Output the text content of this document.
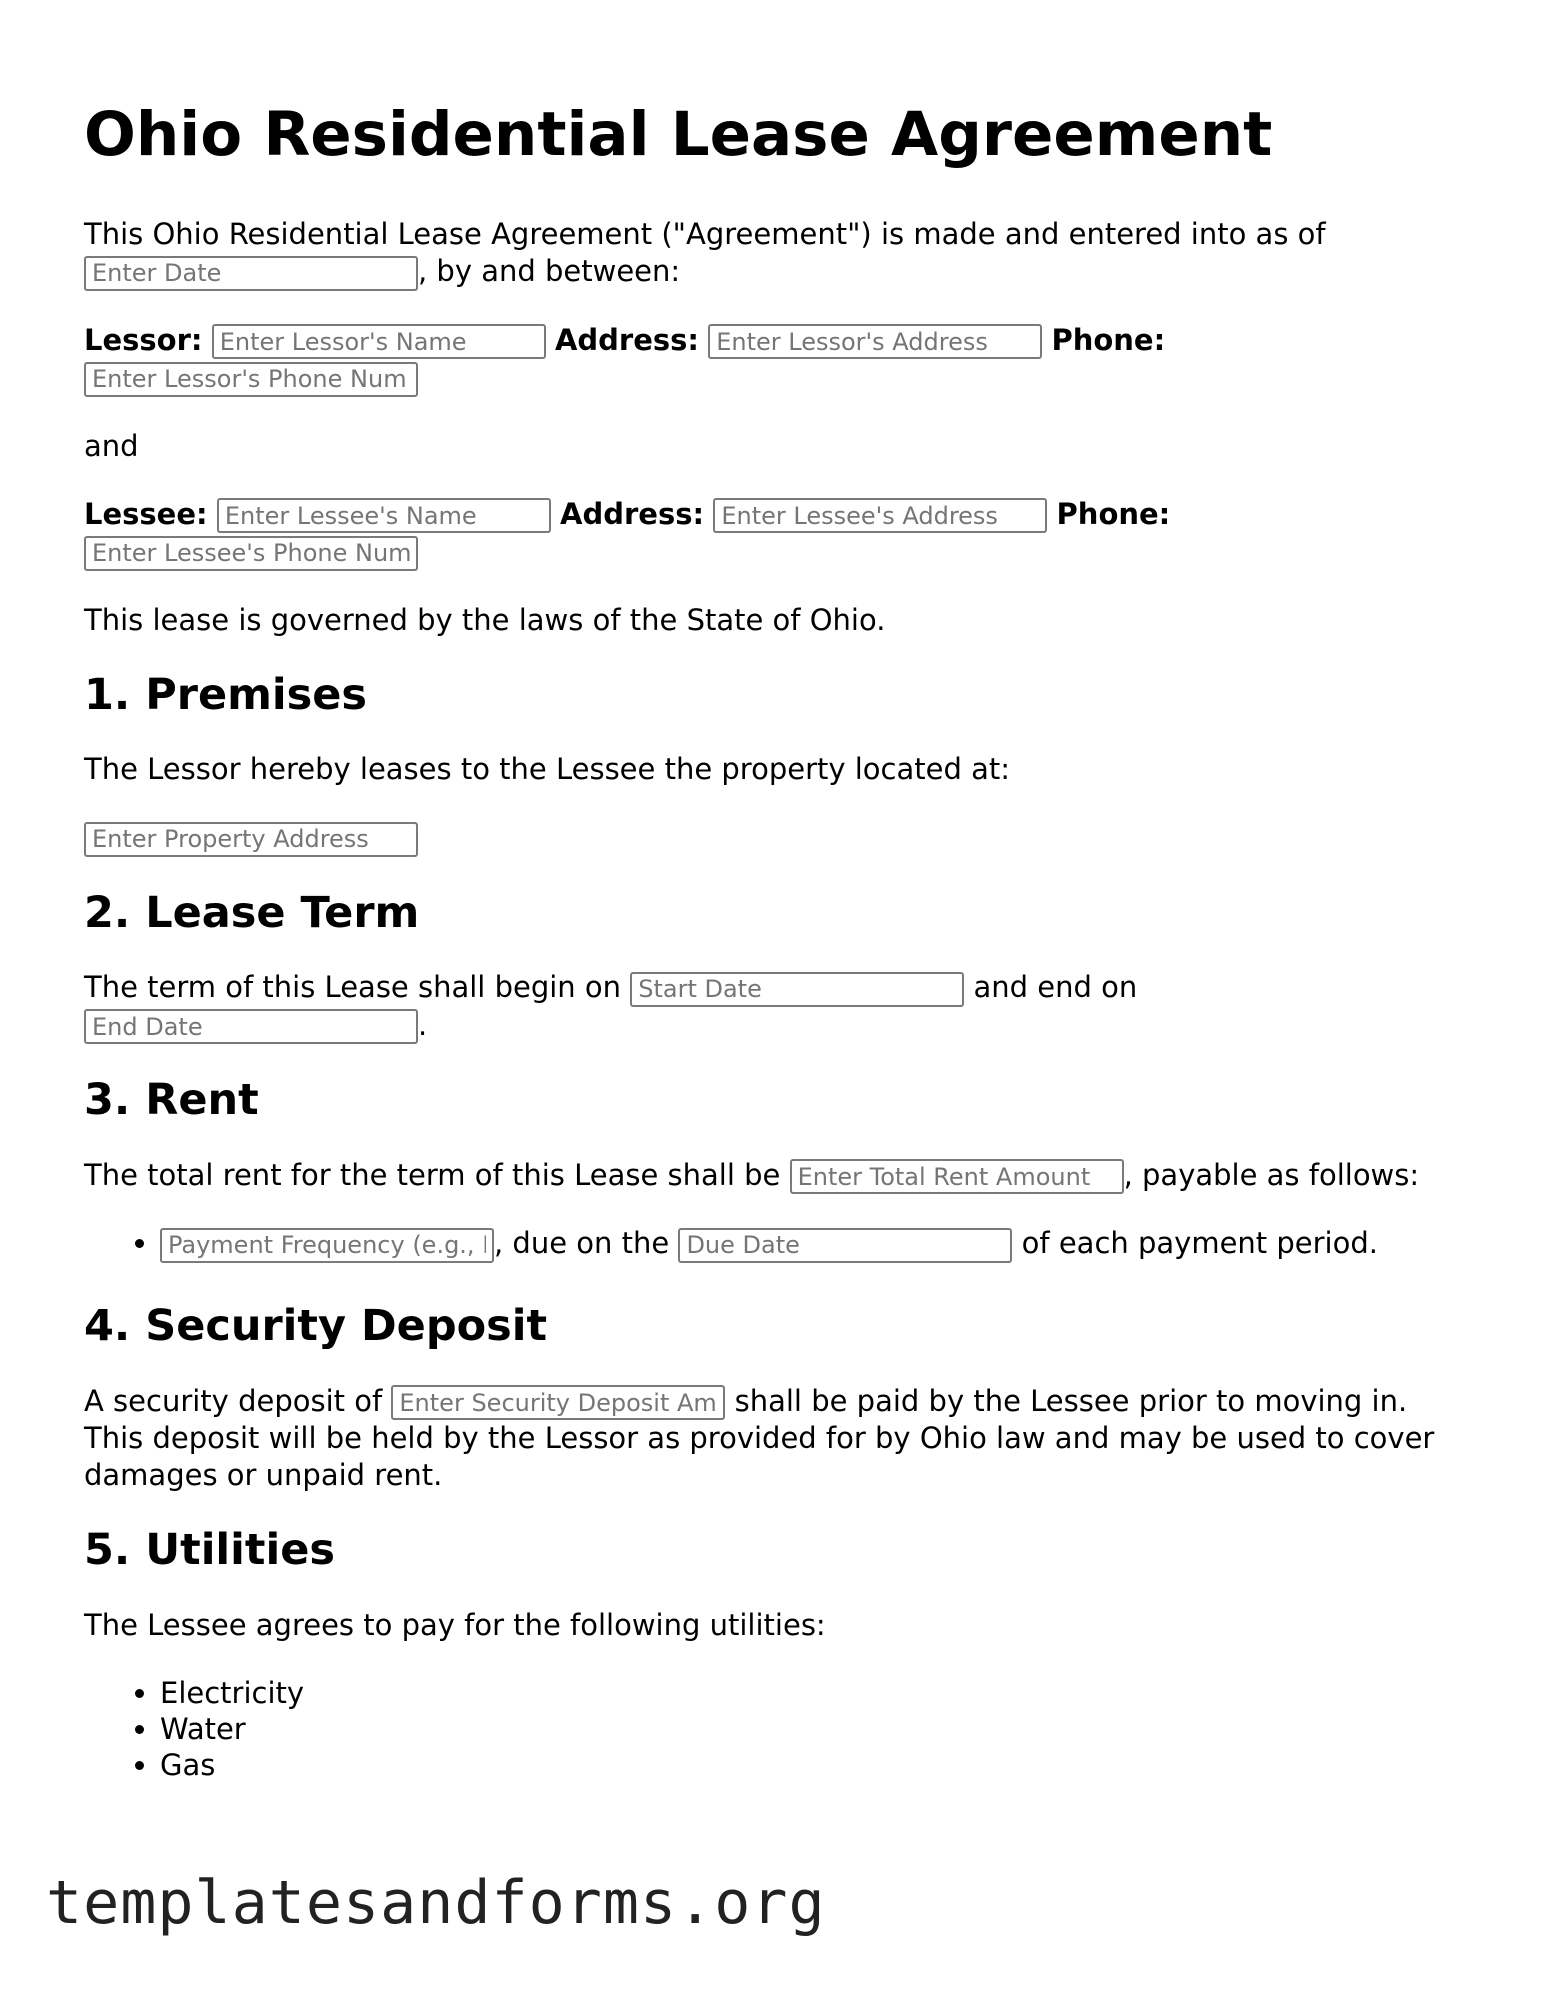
Ohio Residential Lease Agreement

This Ohio Residential Lease Agreement ("Agreement") is made and entered into as of Enter Date, by and between:

Lessor: Enter Lessor's Name	Address: Enter Lessor's Address	Phone:
Enter Lessor's Phone Num

and

Lessee: Enter Lessee's Name	Address: Enter Lessee's Address	Phone:
Enter Lessee's Phone Num

This lease is governed by the laws of the State of Ohio.

1. Premises

The Lessor hereby leases to the Lessee the property located at:

Enter Property Address

2. Lease Term

The term of this Lease shall begin on Start Date	and end on
End Date.

3. Rent

The total rent for the term of this Lease shall be Enter Total Rent Amount	, payable as follows:

Payment Frequency (e.g., M • , due on the Due Date	of each payment period.
4. Security Deposit

A security deposit of Enter Security Deposit Am	shall be paid by the Lessee prior to moving in. This deposit will be held by the Lessor as provided for by Ohio law and may be used to cover damages or unpaid rent.

5. Utilities

The Lessee agrees to pay for the following utilities:

• Electricity
• Water
• Gas
templatesandforms.org
